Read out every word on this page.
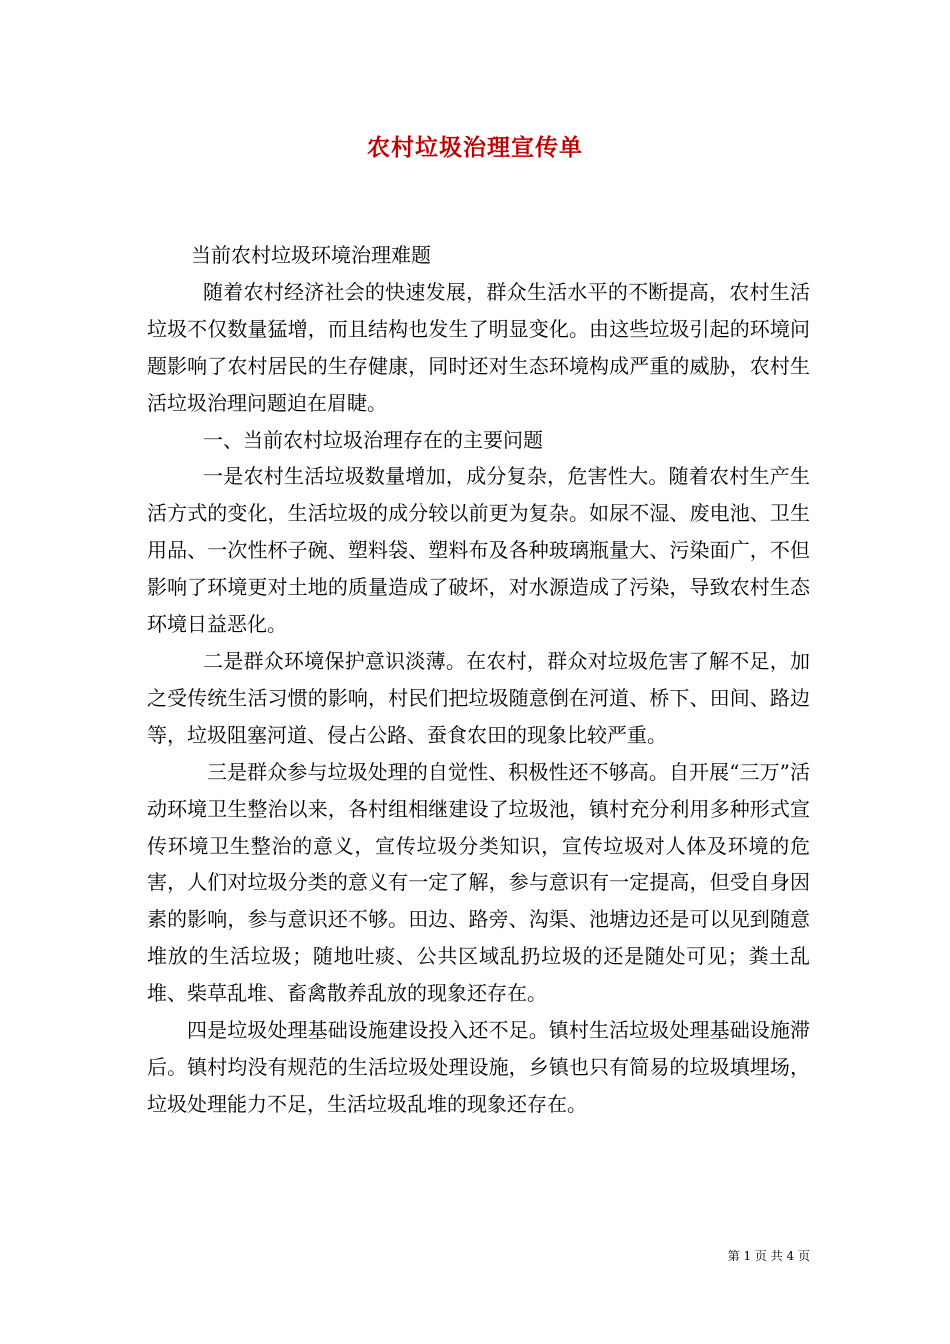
农村垃圾治理宣传单

当前农村垃圾环境治理难题

随着农村经济社会的快速发展，群众生活水平的不断提高，农村生活垃圾不仅数量猛增，而且结构也发生了明显变化。由这些垃圾引起的环境问题影响了农村居民的生存健康，同时还对生态环境构成严重的威胁，农村生活垃圾治理问题迫在眉睫。

一、当前农村垃圾治理存在的主要问题

一是农村生活垃圾数量增加，成分复杂，危害性大。随着农村生产生活方式的变化，生活垃圾的成分较以前更为复杂。如尿不湿、废电池、卫生用品、一次性杯子碗、塑料袋、塑料布及各种玻璃瓶量大、污染面广，不但影响了环境更对土地的质量造成了破坏，对水源造成了污染，导致农村生态环境日益恶化。

二是群众环境保护意识淡薄。在农村，群众对垃圾危害了解不足，加之受传统生活习惯的影响，村民们把垃圾随意倒在河道、桥下、田间、路边等，垃圾阻塞河道、侵占公路、蚕食农田的现象比较严重。

三是群众参与垃圾处理的自觉性、积极性还不够高。自开展“三万”活动环境卫生整治以来，各村组相继建设了垃圾池，镇村充分利用多种形式宣传环境卫生整治的意义，宣传垃圾分类知识，宣传垃圾对人体及环境的危害，人们对垃圾分类的意义有一定了解，参与意识有一定提高，但受自身因素的影响，参与意识还不够。田边、路旁、沟渠、池塘边还是可以见到随意堆放的生活垃圾；随地吐痰、公共区域乱扔垃圾的还是随处可见；粪土乱堆、柴草乱堆、畜禽散养乱放的现象还存在。

四是垃圾处理基础设施建设投入还不足。镇村生活垃圾处理基础设施滞后。镇村均没有规范的生活垃圾处理设施，乡镇也只有简易的垃圾填埋场，垃圾处理能力不足，生活垃圾乱堆的现象还存在。

第 1 页 共 4 页
